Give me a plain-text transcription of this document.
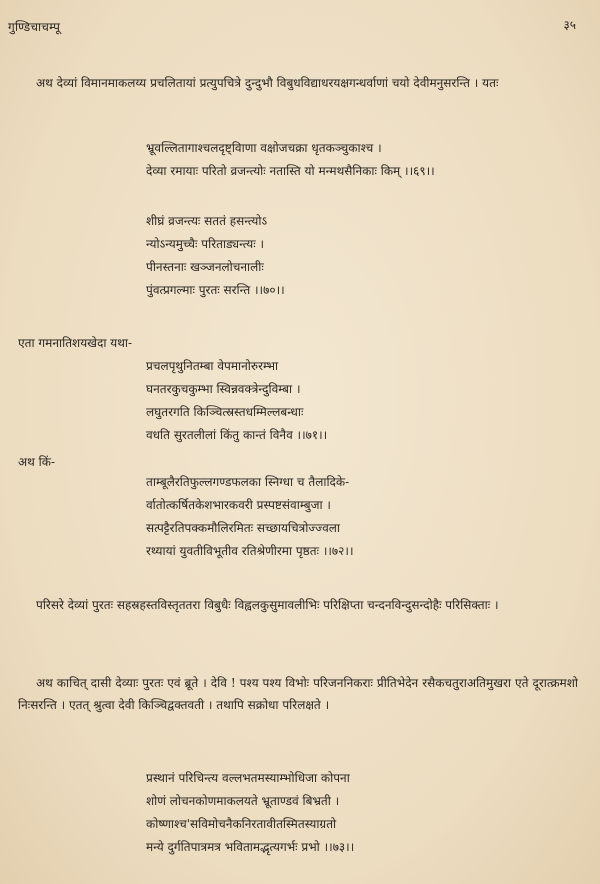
गुण्डिचाचम्पू	३५
अथ देव्यां विमानमाकलय्य प्रचलितायां प्रत्युपचित्रे दुन्दुभौ विबुधविद्याधरयक्षगन्धर्वाणां चयो देवीमनुसरन्ति । यतः
भ्रूवल्लितागाश्चलदृष्ट्विाणा वक्षोजचक्रा धृतकञ्चुकाश्च ।
देव्या रमायाः परितो व्रजन्त्योः नतास्ति यो मन्मथसैनिकाः किम् ।।६९।।
शीघ्रं व्रजन्त्यः सततं हसन्त्योऽ
न्योऽन्यमुच्चैः परिताड्यन्त्यः ।
पीनस्तनाः खञ्जनलोचनालीः
पुंवत्प्रगल्माः पुरतः सरन्ति ।।७०।।
एता गमनातिशयखेदा यथा-
प्रचलपृथुनितम्बा वेपमानोरुरम्भा
घनतरकुचकुम्भा स्विन्नवक्त्रेन्दुविम्बा ।
लघुतरगति किञ्चित्स्रस्तधम्मिल्लबन्धाः
वधति सुरतलीलां किंतु कान्तं विनैव ।।७१।।
अथ किं-
ताम्बूलैरतिफुल्लगण्डफलका स्निग्धा च तैलादिके-
र्वातोत्कर्षितकेशभारकवरी प्रस्पष्टसंवाम्बुजा ।
सत्पट्टैरतिपक्कमौलिरमितः सच्छायचित्रोज्ज्वला
रथ्यायां युवतीविभूतीव रतिश्रेणीरमा पृष्ठतः ।।७२।।
परिसरे देव्यां पुरतः सहस्रहस्तविस्तृततरा विबुधैः विह्वलकुसुमावलीभिः परिक्षिप्ता चन्दनविन्दुसन्दोहैः परिसिक्ताः ।
अथ काचित् दासी देव्याः पुरतः एवं ब्रूते । देवि ! पश्य पश्य विभोः परिजननिकराः प्रीतिभेदेन रसैकचतुराअतिमुखरा एते दूरात्क्रमशो निःसरन्ति । एतत् श्रुत्वा देवी किञ्चिद्वक्तवती । तथापि सक्रोधा परिलक्षते ।
प्रस्थानं परिचिन्त्य वल्लभतमस्याम्भोधिजा कोपना
शोणं लोचनकोणमाकलयते भ्रूताण्डवं बिभ्रती ।
कोष्णाश्च'सविमोचनैकनिरतावीतस्मितस्याग्रतो
मन्ये दुर्गतिपात्रमत्र भवितामद्भृत्यगर्भः प्रभो ।।७३।।
